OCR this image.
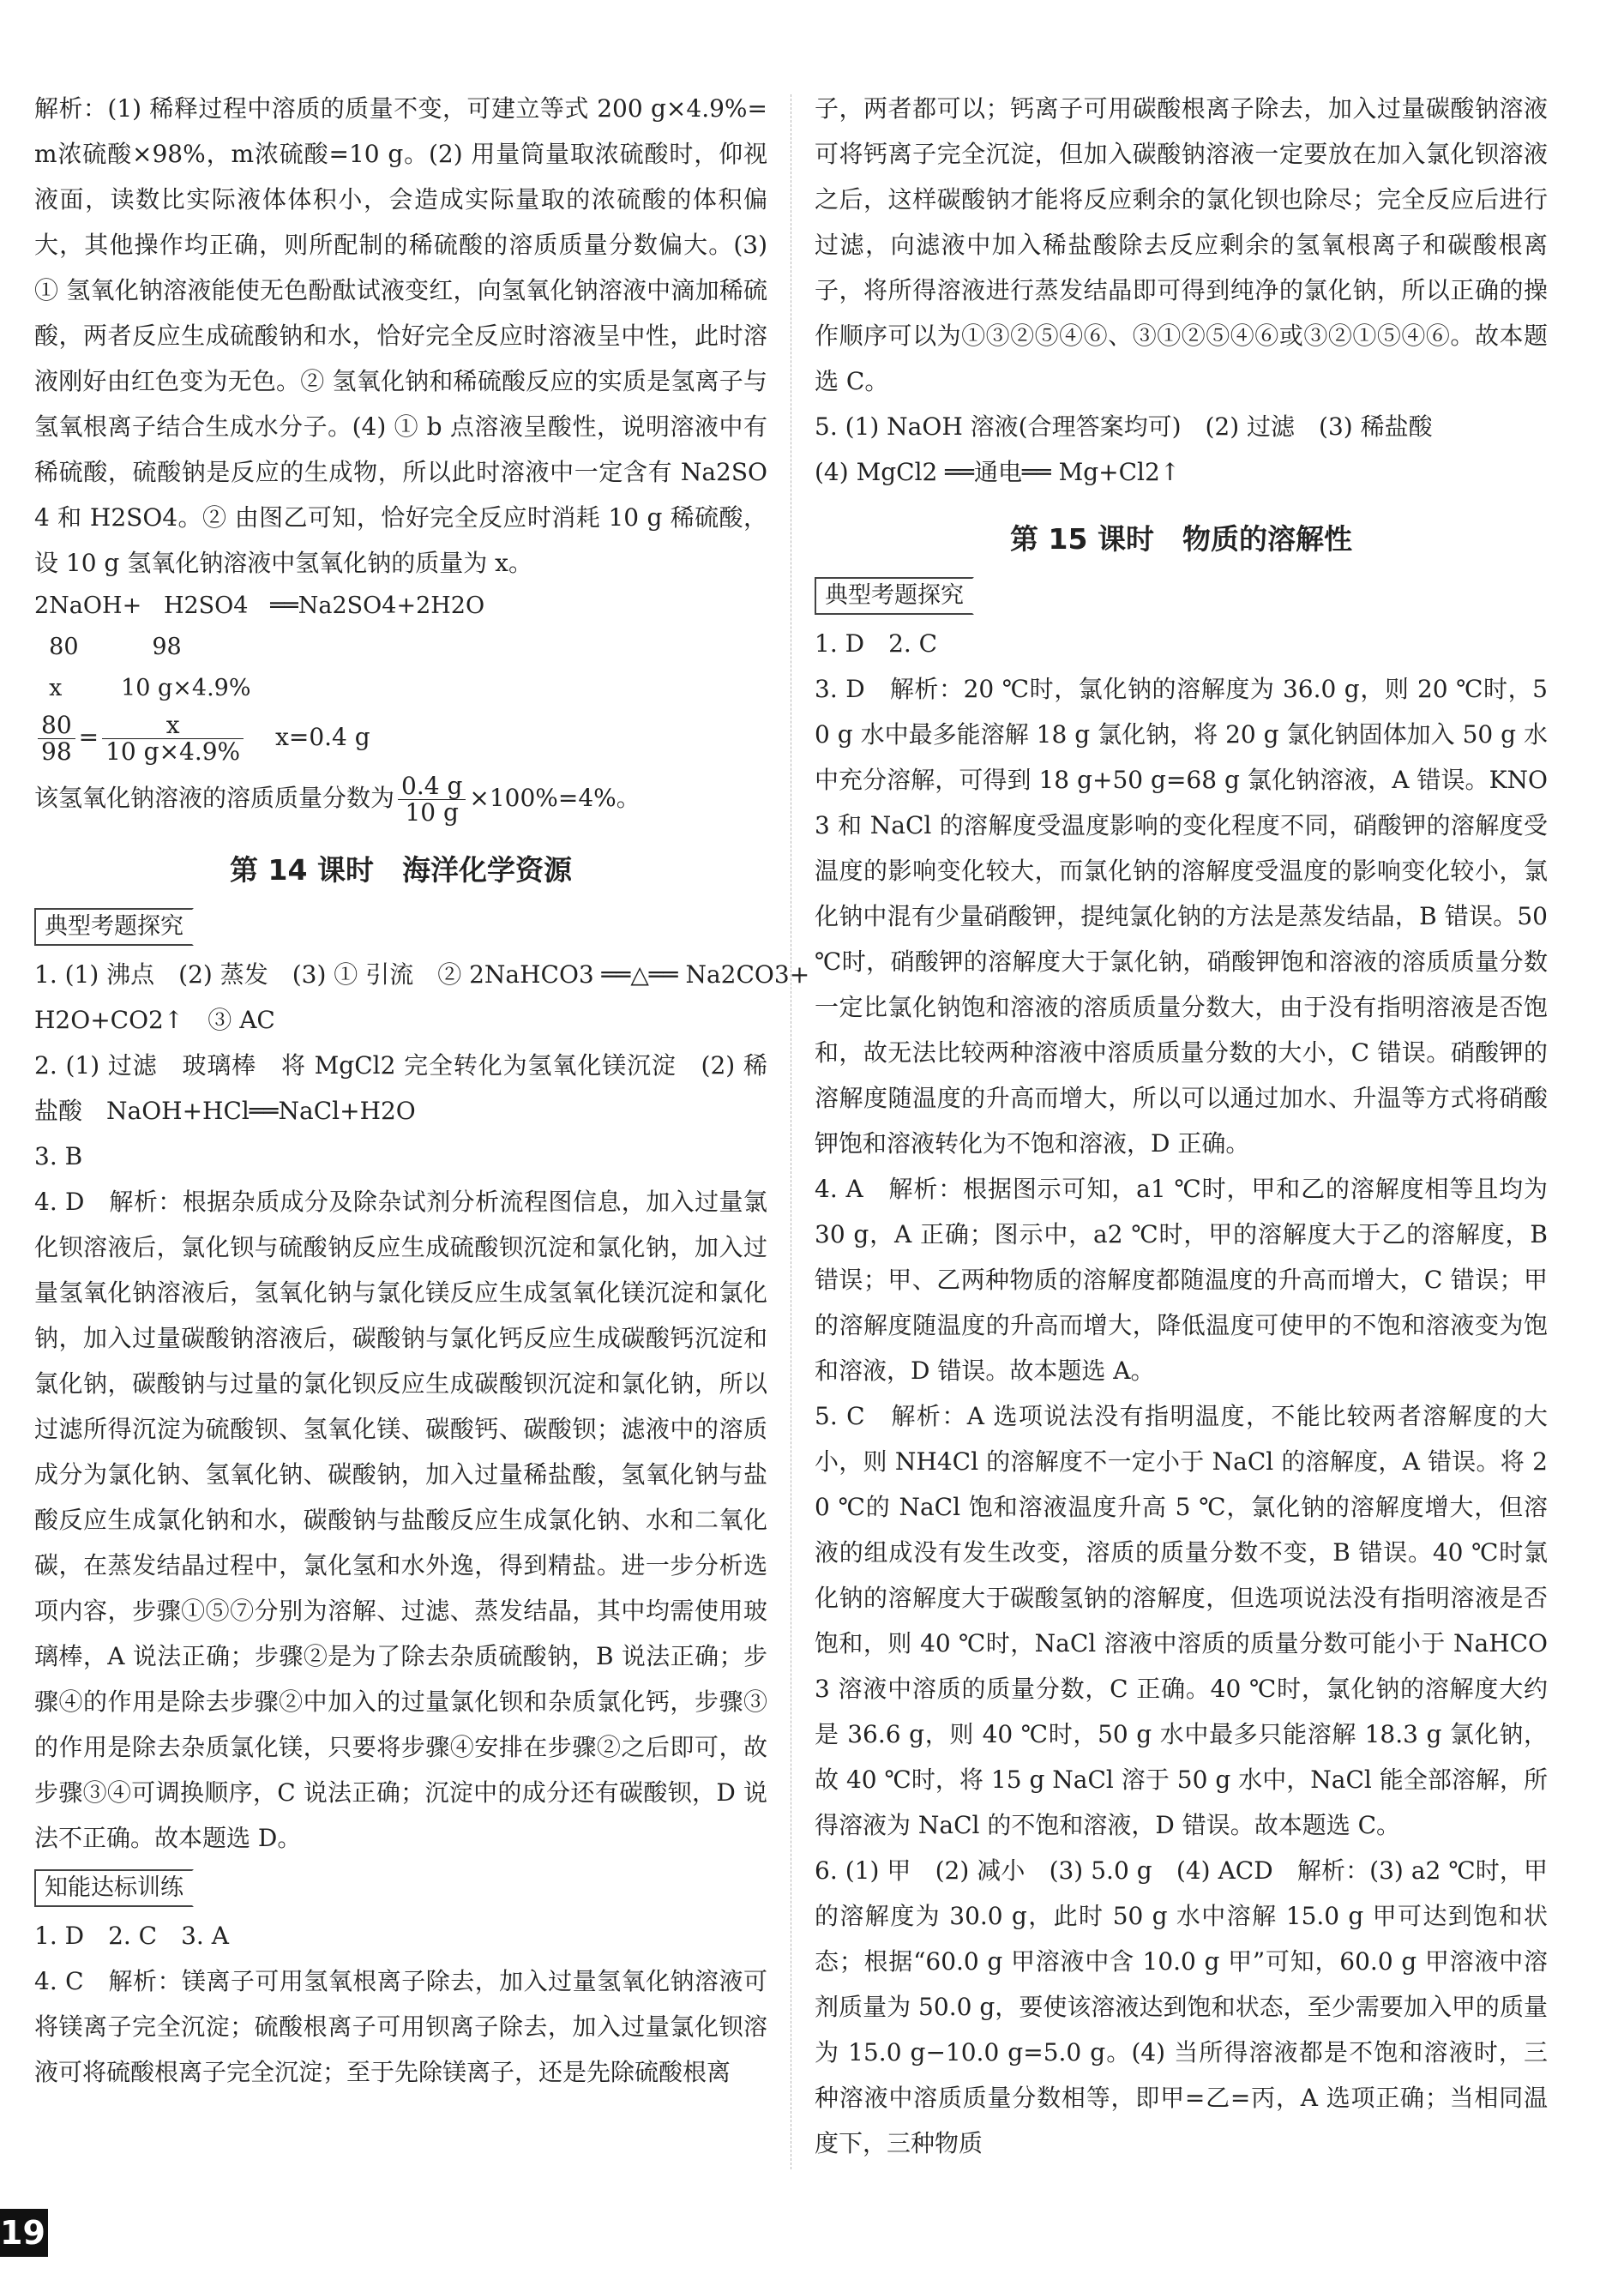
解析：(1) 稀释过程中溶质的质量不变，可建立等式 200 g×4.9%=m浓硫酸×98%，m浓硫酸=10 g。(2) 用量筒量取浓硫酸时，仰视液面，读数比实际液体体积小，会造成实际量取的浓硫酸的体积偏大，其他操作均正确，则所配制的稀硫酸的溶质质量分数偏大。(3) ① 氢氧化钠溶液能使无色酚酞试液变红，向氢氧化钠溶液中滴加稀硫酸，两者反应生成硫酸钠和水，恰好完全反应时溶液呈中性，此时溶液刚好由红色变为无色。② 氢氧化钠和稀硫酸反应的实质是氢离子与氢氧根离子结合生成水分子。(4) ① b 点溶液呈酸性，说明溶液中有稀硫酸，硫酸钠是反应的生成物，所以此时溶液中一定含有 Na2SO4 和 H2SO4。② 由图乙可知，恰好完全反应时消耗 10 g 稀硫酸，设 10 g 氢氧化钠溶液中氢氧化钠的质量为 x。

2NaOH+   H2SO4   ══Na2SO4+2H2O

80          98

x        10 g×4.9%

$\frac{80}{98} = \frac{x}{10 g\times 4.9\%} x=0.4$ g
该氢氧化钠溶液的溶质质量分数为 $\frac{0.4 g}{10 g} \times 100\%=4\%$。
第 14 课时　海洋化学资源
典型考题探究

1. (1) 沸点　(2) 蒸发　(3) ① 引流　② 2NaHCO3 ══△══ Na2CO3+

H2O+CO2↑　③ AC

2. (1) 过滤　玻璃棒　将 MgCl2 完全转化为氢氧化镁沉淀　(2) 稀盐酸　NaOH+HCl══NaCl+H2O

3. B

4. D　解析：根据杂质成分及除杂试剂分析流程图信息，加入过量氯化钡溶液后，氯化钡与硫酸钠反应生成硫酸钡沉淀和氯化钠，加入过量氢氧化钠溶液后，氢氧化钠与氯化镁反应生成氢氧化镁沉淀和氯化钠，加入过量碳酸钠溶液后，碳酸钠与氯化钙反应生成碳酸钙沉淀和氯化钠，碳酸钠与过量的氯化钡反应生成碳酸钡沉淀和氯化钠，所以过滤所得沉淀为硫酸钡、氢氧化镁、碳酸钙、碳酸钡；滤液中的溶质成分为氯化钠、氢氧化钠、碳酸钠，加入过量稀盐酸，氢氧化钠与盐酸反应生成氯化钠和水，碳酸钠与盐酸反应生成氯化钠、水和二氧化碳，在蒸发结晶过程中，氯化氢和水外逸，得到精盐。进一步分析选项内容，步骤①⑤⑦分别为溶解、过滤、蒸发结晶，其中均需使用玻璃棒，A 说法正确；步骤②是为了除去杂质硫酸钠，B 说法正确；步骤④的作用是除去步骤②中加入的过量氯化钡和杂质氯化钙，步骤③的作用是除去杂质氯化镁，只要将步骤④安排在步骤②之后即可，故步骤③④可调换顺序，C 说法正确；沉淀中的成分还有碳酸钡，D 说法不正确。故本题选 D。

知能达标训练

1. D　2. C　3. A

4. C　解析：镁离子可用氢氧根离子除去，加入过量氢氧化钠溶液可将镁离子完全沉淀；硫酸根离子可用钡离子除去，加入过量氯化钡溶液可将硫酸根离子完全沉淀；至于先除镁离子，还是先除硫酸根离

子，两者都可以；钙离子可用碳酸根离子除去，加入过量碳酸钠溶液可将钙离子完全沉淀，但加入碳酸钠溶液一定要放在加入氯化钡溶液之后，这样碳酸钠才能将反应剩余的氯化钡也除尽；完全反应后进行过滤，向滤液中加入稀盐酸除去反应剩余的氢氧根离子和碳酸根离子，将所得溶液进行蒸发结晶即可得到纯净的氯化钠，所以正确的操作顺序可以为①③②⑤④⑥、③①②⑤④⑥或③②①⑤④⑥。故本题选 C。

5. (1) NaOH 溶液(合理答案均可)　(2) 过滤　(3) 稀盐酸

(4) MgCl2 ══通电══ Mg+Cl2↑

第 15 课时　物质的溶解性
典型考题探究

1. D　2. C

3. D　解析：20 ℃时，氯化钠的溶解度为 36.0 g，则 20 ℃时，50 g 水中最多能溶解 18 g 氯化钠，将 20 g 氯化钠固体加入 50 g 水中充分溶解，可得到 18 g+50 g=68 g 氯化钠溶液，A 错误。KNO3 和 NaCl 的溶解度受温度影响的变化程度不同，硝酸钾的溶解度受温度的影响变化较大，而氯化钠的溶解度受温度的影响变化较小，氯化钠中混有少量硝酸钾，提纯氯化钠的方法是蒸发结晶，B 错误。50 ℃时，硝酸钾的溶解度大于氯化钠，硝酸钾饱和溶液的溶质质量分数一定比氯化钠饱和溶液的溶质质量分数大，由于没有指明溶液是否饱和，故无法比较两种溶液中溶质质量分数的大小，C 错误。硝酸钾的溶解度随温度的升高而增大，所以可以通过加水、升温等方式将硝酸钾饱和溶液转化为不饱和溶液，D 正确。

4. A　解析：根据图示可知，a1 ℃时，甲和乙的溶解度相等且均为 30 g，A 正确；图示中，a2 ℃时，甲的溶解度大于乙的溶解度，B 错误；甲、乙两种物质的溶解度都随温度的升高而增大，C 错误；甲的溶解度随温度的升高而增大，降低温度可使甲的不饱和溶液变为饱和溶液，D 错误。故本题选 A。

5. C　解析：A 选项说法没有指明温度，不能比较两者溶解度的大小，则 NH4Cl 的溶解度不一定小于 NaCl 的溶解度，A 错误。将 20 ℃的 NaCl 饱和溶液温度升高 5 ℃，氯化钠的溶解度增大，但溶液的组成没有发生改变，溶质的质量分数不变，B 错误。40 ℃时氯化钠的溶解度大于碳酸氢钠的溶解度，但选项说法没有指明溶液是否饱和，则 40 ℃时，NaCl 溶液中溶质的质量分数可能小于 NaHCO3 溶液中溶质的质量分数，C 正确。40 ℃时，氯化钠的溶解度大约是 36.6 g，则 40 ℃时，50 g 水中最多只能溶解 18.3 g 氯化钠，故 40 ℃时，将 15 g NaCl 溶于 50 g 水中，NaCl 能全部溶解，所得溶液为 NaCl 的不饱和溶液，D 错误。故本题选 C。

6. (1) 甲　(2) 减小　(3) 5.0 g　(4) ACD　解析：(3) a2 ℃时，甲的溶解度为 30.0 g，此时 50 g 水中溶解 15.0 g 甲可达到饱和状态；根据“60.0 g 甲溶液中含 10.0 g 甲”可知，60.0 g 甲溶液中溶剂质量为 50.0 g，要使该溶液达到饱和状态，至少需要加入甲的质量为 15.0 g−10.0 g=5.0 g。(4) 当所得溶液都是不饱和溶液时，三种溶液中溶质质量分数相等，即甲=乙=丙，A 选项正确；当相同温度下，三种物质

19
